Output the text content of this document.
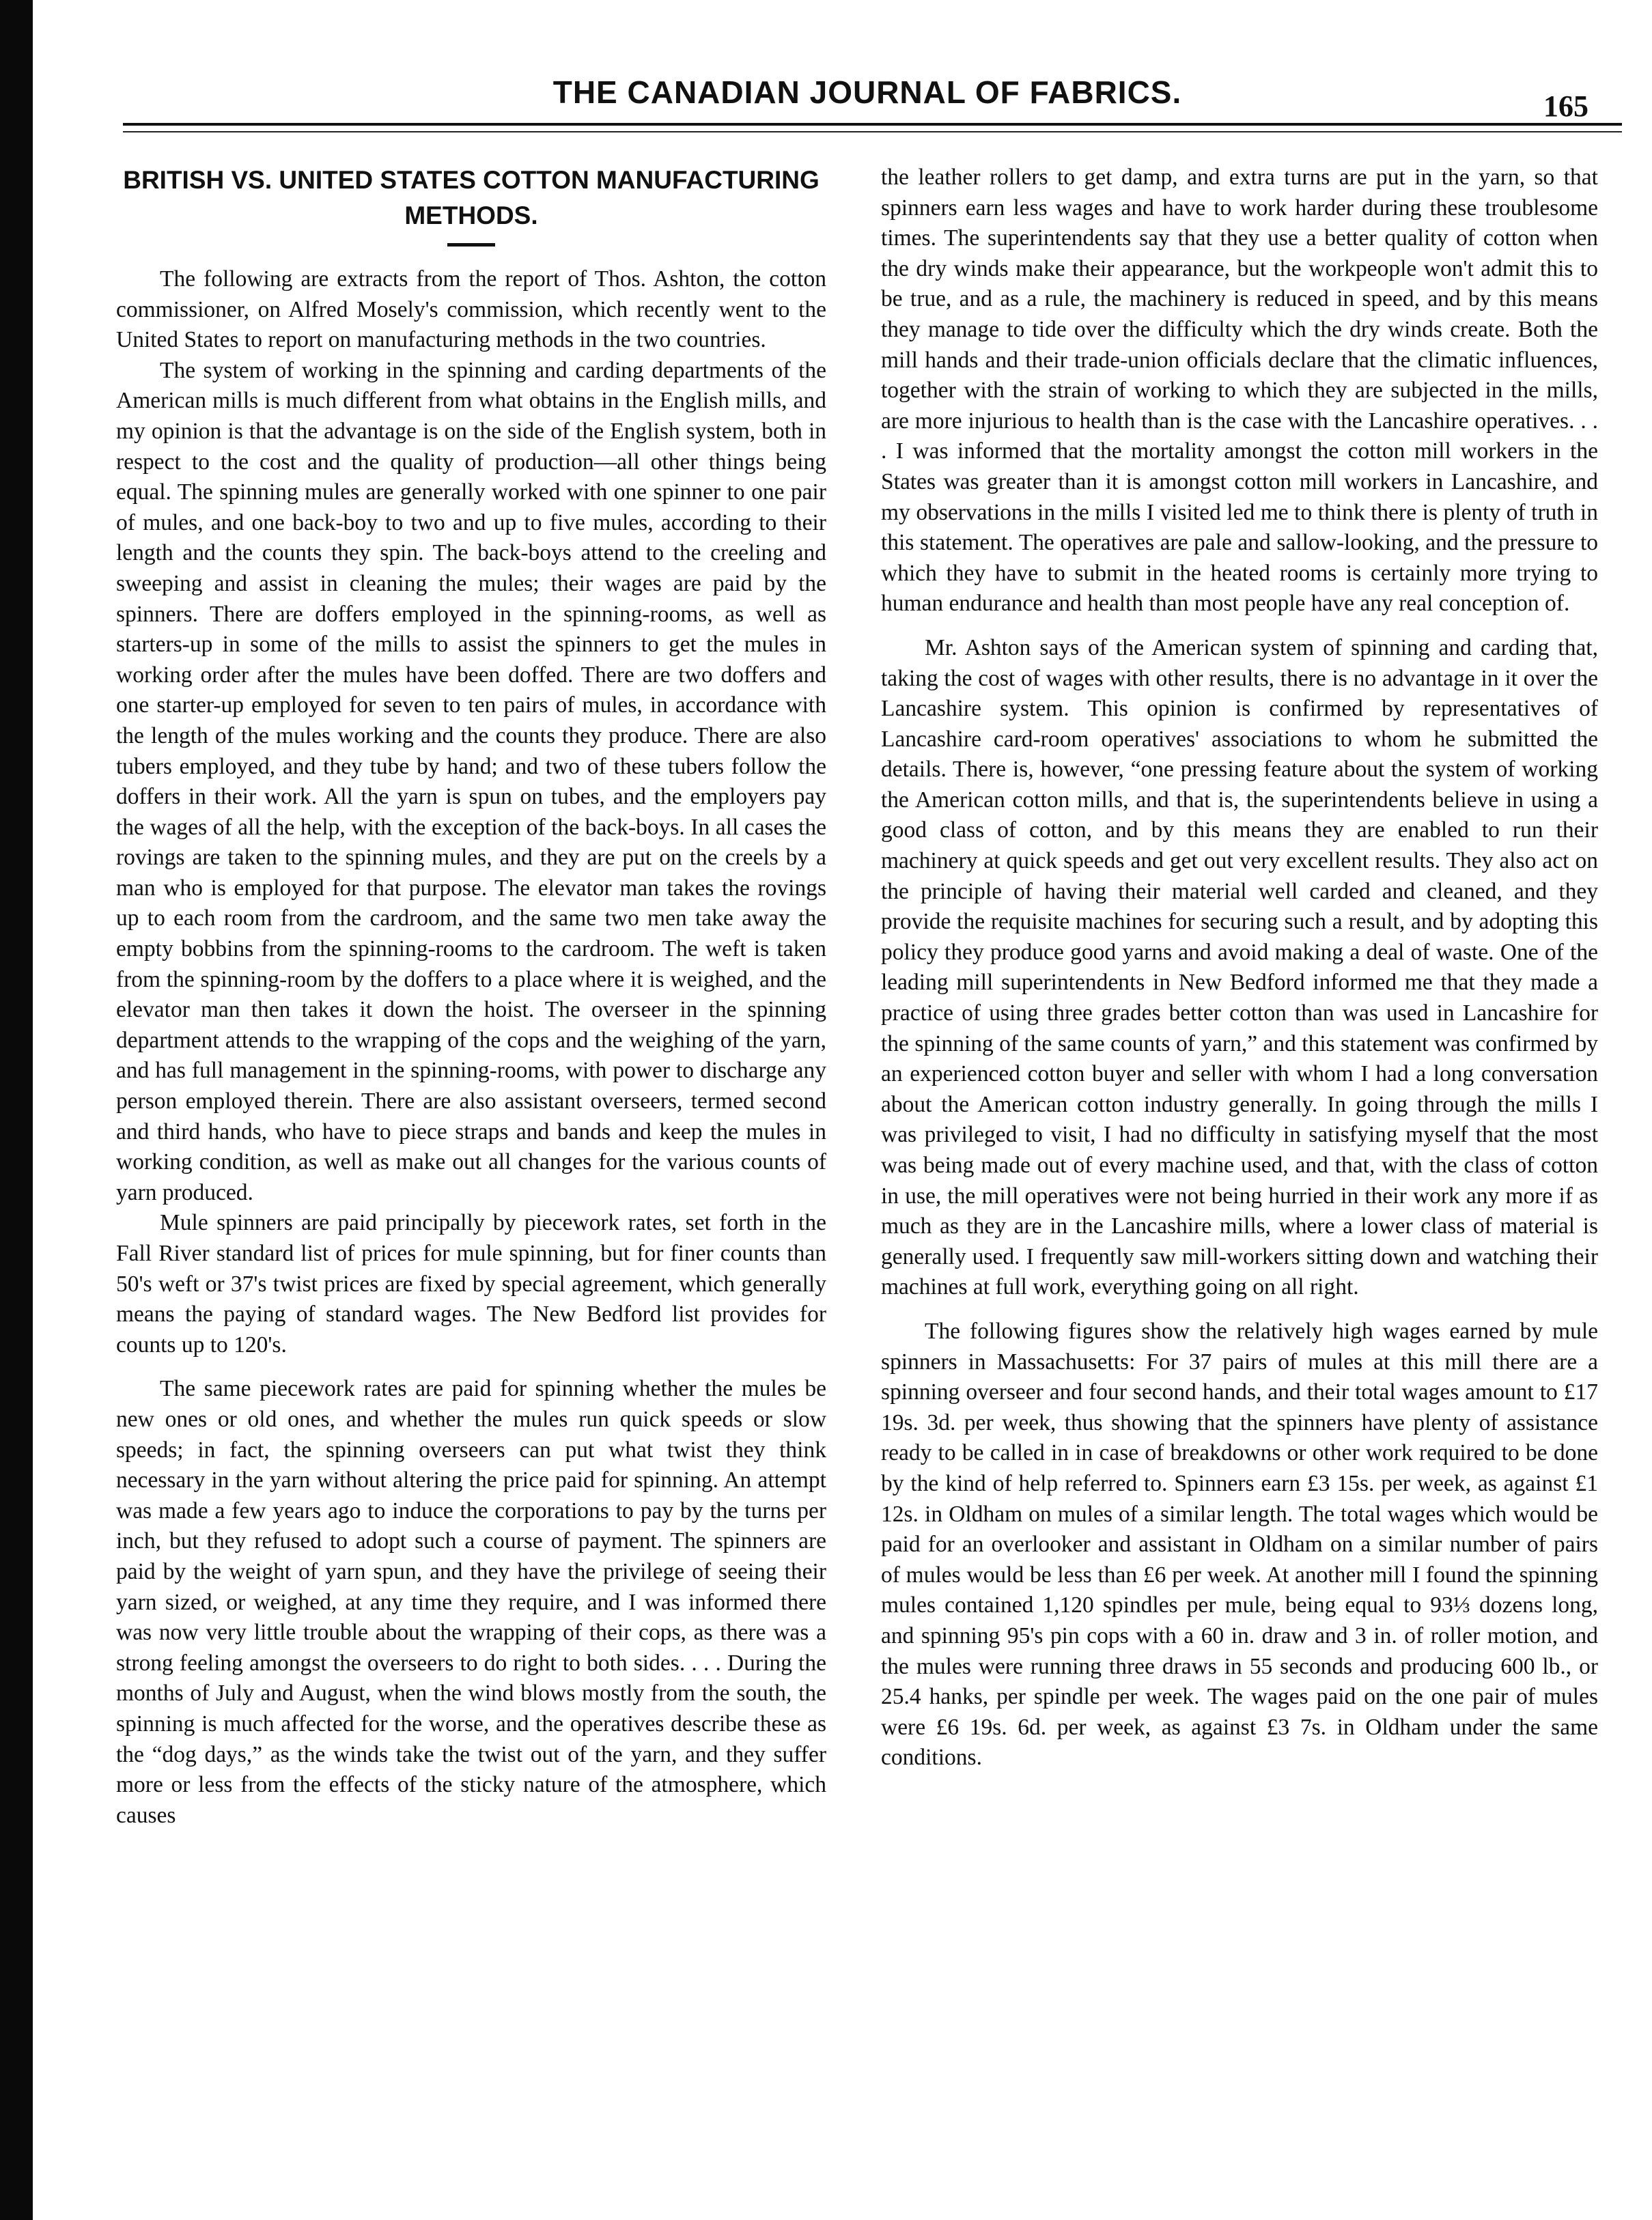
THE CANADIAN JOURNAL OF FABRICS.	165
BRITISH VS. UNITED STATES COTTON MANUFACTURING METHODS.

The following are extracts from the report of Thos. Ashton, the cotton commissioner, on Alfred Mosely's commission, which recently went to the United States to report on manufacturing methods in the two countries.

The system of working in the spinning and carding departments of the American mills is much different from what obtains in the English mills, and my opinion is that the advantage is on the side of the English system, both in respect to the cost and the quality of production—all other things being equal. The spinning mules are generally worked with one spinner to one pair of mules, and one back-boy to two and up to five mules, according to their length and the counts they spin. The back-boys attend to the creeling and sweeping and assist in cleaning the mules; their wages are paid by the spinners. There are doffers employed in the spinning-rooms, as well as starters-up in some of the mills to assist the spinners to get the mules in working order after the mules have been doffed. There are two doffers and one starter-up employed for seven to ten pairs of mules, in accordance with the length of the mules working and the counts they produce. There are also tubers employed, and they tube by hand; and two of these tubers follow the doffers in their work. All the yarn is spun on tubes, and the employers pay the wages of all the help, with the exception of the back-boys. In all cases the rovings are taken to the spinning mules, and they are put on the creels by a man who is employed for that purpose. The elevator man takes the rovings up to each room from the cardroom, and the same two men take away the empty bobbins from the spinning-rooms to the cardroom. The weft is taken from the spinning-room by the doffers to a place where it is weighed, and the elevator man then takes it down the hoist. The overseer in the spinning department attends to the wrapping of the cops and the weighing of the yarn, and has full management in the spinning-rooms, with power to discharge any person employed therein. There are also assistant overseers, termed second and third hands, who have to piece straps and bands and keep the mules in working condition, as well as make out all changes for the various counts of yarn produced.

Mule spinners are paid principally by piecework rates, set forth in the Fall River standard list of prices for mule spinning, but for finer counts than 50's weft or 37's twist prices are fixed by special agreement, which generally means the paying of standard wages. The New Bedford list provides for counts up to 120's.

The same piecework rates are paid for spinning whether the mules be new ones or old ones, and whether the mules run quick speeds or slow speeds; in fact, the spinning overseers can put what twist they think necessary in the yarn without altering the price paid for spinning. An attempt was made a few years ago to induce the corporations to pay by the turns per inch, but they refused to adopt such a course of payment. The spinners are paid by the weight of yarn spun, and they have the privilege of seeing their yarn sized, or weighed, at any time they require, and I was informed there was now very little trouble about the wrapping of their cops, as there was a strong feeling amongst the overseers to do right to both sides. . . . During the months of July and August, when the wind blows mostly from the south, the spinning is much affected for the worse, and the operatives describe these as the “dog days,” as the winds take the twist out of the yarn, and they suffer more or less from the effects of the sticky nature of the atmosphere, which causes

the leather rollers to get damp, and extra turns are put in the yarn, so that spinners earn less wages and have to work harder during these troublesome times. The superintendents say that they use a better quality of cotton when the dry winds make their appearance, but the workpeople won't admit this to be true, and as a rule, the machinery is reduced in speed, and by this means they manage to tide over the difficulty which the dry winds create. Both the mill hands and their trade-union officials declare that the climatic influences, together with the strain of working to which they are subjected in the mills, are more injurious to health than is the case with the Lancashire operatives. . . . I was informed that the mortality amongst the cotton mill workers in the States was greater than it is amongst cotton mill workers in Lancashire, and my observations in the mills I visited led me to think there is plenty of truth in this statement. The operatives are pale and sallow-looking, and the pressure to which they have to submit in the heated rooms is certainly more trying to human endurance and health than most people have any real conception of.

Mr. Ashton says of the American system of spinning and carding that, taking the cost of wages with other results, there is no advantage in it over the Lancashire system. This opinion is confirmed by representatives of Lancashire card-room operatives' associations to whom he submitted the details. There is, however, “one pressing feature about the system of working the American cotton mills, and that is, the superintendents believe in using a good class of cotton, and by this means they are enabled to run their machinery at quick speeds and get out very excellent results. They also act on the principle of having their material well carded and cleaned, and they provide the requisite machines for securing such a result, and by adopting this policy they produce good yarns and avoid making a deal of waste. One of the leading mill superintendents in New Bedford informed me that they made a practice of using three grades better cotton than was used in Lancashire for the spinning of the same counts of yarn,” and this statement was confirmed by an experienced cotton buyer and seller with whom I had a long conversation about the American cotton industry generally. In going through the mills I was privileged to visit, I had no difficulty in satisfying myself that the most was being made out of every machine used, and that, with the class of cotton in use, the mill operatives were not being hurried in their work any more if as much as they are in the Lancashire mills, where a lower class of material is generally used. I frequently saw mill-workers sitting down and watching their machines at full work, everything going on all right.

The following figures show the relatively high wages earned by mule spinners in Massachusetts: For 37 pairs of mules at this mill there are a spinning overseer and four second hands, and their total wages amount to £17 19s. 3d. per week, thus showing that the spinners have plenty of assistance ready to be called in in case of breakdowns or other work required to be done by the kind of help referred to. Spinners earn £3 15s. per week, as against £1 12s. in Oldham on mules of a similar length. The total wages which would be paid for an overlooker and assistant in Oldham on a similar number of pairs of mules would be less than £6 per week. At another mill I found the spinning mules contained 1,120 spindles per mule, being equal to 93⅓ dozens long, and spinning 95's pin cops with a 60 in. draw and 3 in. of roller motion, and the mules were running three draws in 55 seconds and producing 600 lb., or 25.4 hanks, per spindle per week. The wages paid on the one pair of mules were £6 19s. 6d. per week, as against £3 7s. in Oldham under the same conditions.
